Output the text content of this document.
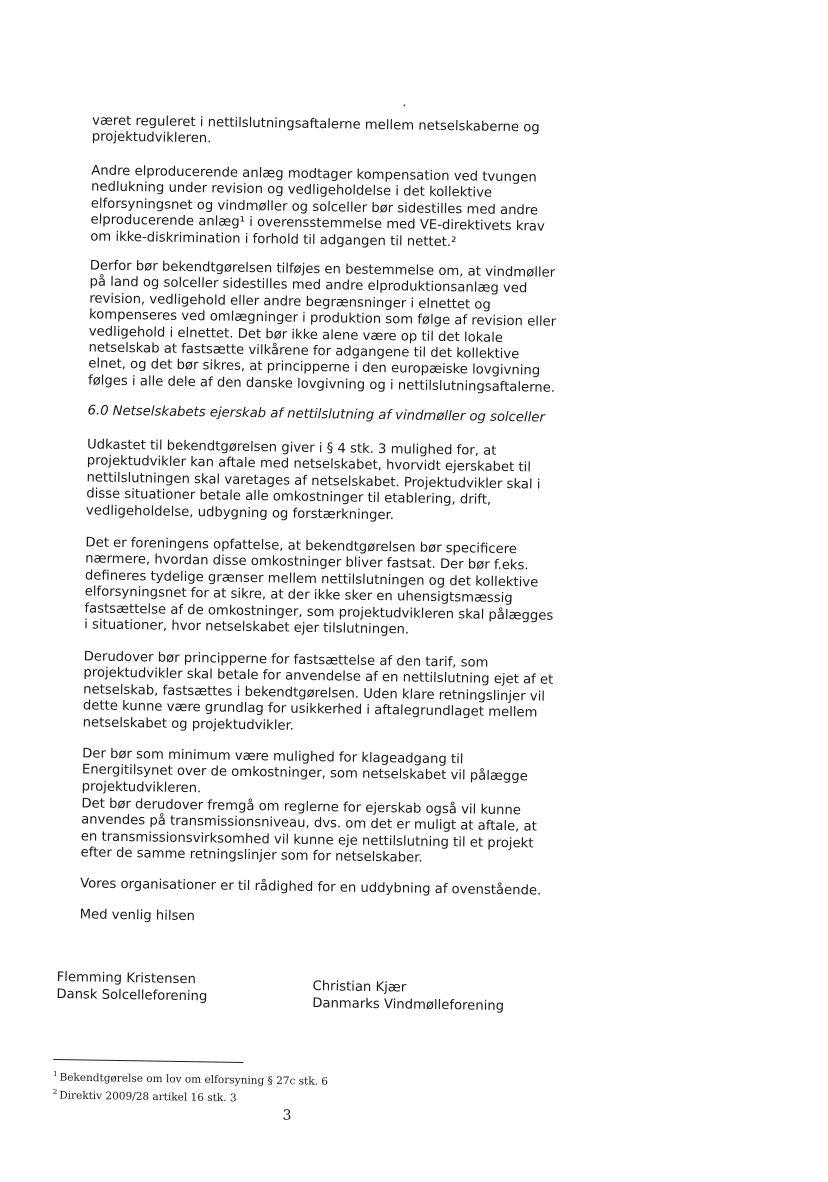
været reguleret i nettilslutningsaftalerne mellem netselskaberne og projektudvikleren.

Andre elproducerende anlæg modtager kompensation ved tvungen nedlukning under revision og vedligeholdelse i det kollektive elforsyningsnet og vindmøller og solceller bør sidestilles med andre elproducerende anlæg¹ i overensstemmelse med VE-direktivets krav om ikke-diskrimination i forhold til adgangen til nettet.²

Derfor bør bekendtgørelsen tilføjes en bestemmelse om, at vindmøller på land og solceller sidestilles med andre elproduktionsanlæg ved revision, vedligehold eller andre begrænsninger i elnettet og kompenseres ved omlægninger i produktion som følge af revision eller vedligehold i elnettet. Det bør ikke alene være op til det lokale netselskab at fastsætte vilkårene for adgangene til det kollektive elnet, og det bør sikres, at principperne i den europæiske lovgivning følges i alle dele af den danske lovgivning og i nettilslutningsaftalerne.

6.0 Netselskabets ejerskab af nettilslutning af vindmøller og solceller

Udkastet til bekendtgørelsen giver i § 4 stk. 3 mulighed for, at projektudvikler kan aftale med netselskabet, hvorvidt ejerskabet til nettilslutningen skal varetages af netselskabet. Projektudvikler skal i disse situationer betale alle omkostninger til etablering, drift, vedligeholdelse, udbygning og forstærkninger.

Det er foreningens opfattelse, at bekendtgørelsen bør specificere nærmere, hvordan disse omkostninger bliver fastsat. Der bør f.eks. defineres tydelige grænser mellem nettilslutningen og det kollektive elforsyningsnet for at sikre, at der ikke sker en uhensigtsmæssig fastsættelse af de omkostninger, som projektudvikleren skal pålægges i situationer, hvor netselskabet ejer tilslutningen.

Derudover bør principperne for fastsættelse af den tarif, som projektudvikler skal betale for anvendelse af en nettilslutning ejet af et netselskab, fastsættes i bekendtgørelsen. Uden klare retningslinjer vil dette kunne være grundlag for usikkerhed i aftalegrundlaget mellem netselskabet og projektudvikler.

Der bør som minimum være mulighed for klageadgang til Energitilsynet over de omkostninger, som netselskabet vil pålægge projektudvikleren.

Det bør derudover fremgå om reglerne for ejerskab også vil kunne anvendes på transmissionsniveau, dvs. om det er muligt at aftale, at en transmissionsvirksomhed vil kunne eje nettilslutning til et projekt efter de samme retningslinjer som for netselskaber.

Vores organisationer er til rådighed for en uddybning af ovenstående.

Med venlig hilsen

Flemming Kristensen
Dansk Solcelleforening	Christian Kjær
Danmarks Vindmølleforening
$^1$ Bekendtgørelse om lov om elforsyning § 27c stk. 6
$^2$ Direktiv 2009/28 artikel 16 stk. 3
3
